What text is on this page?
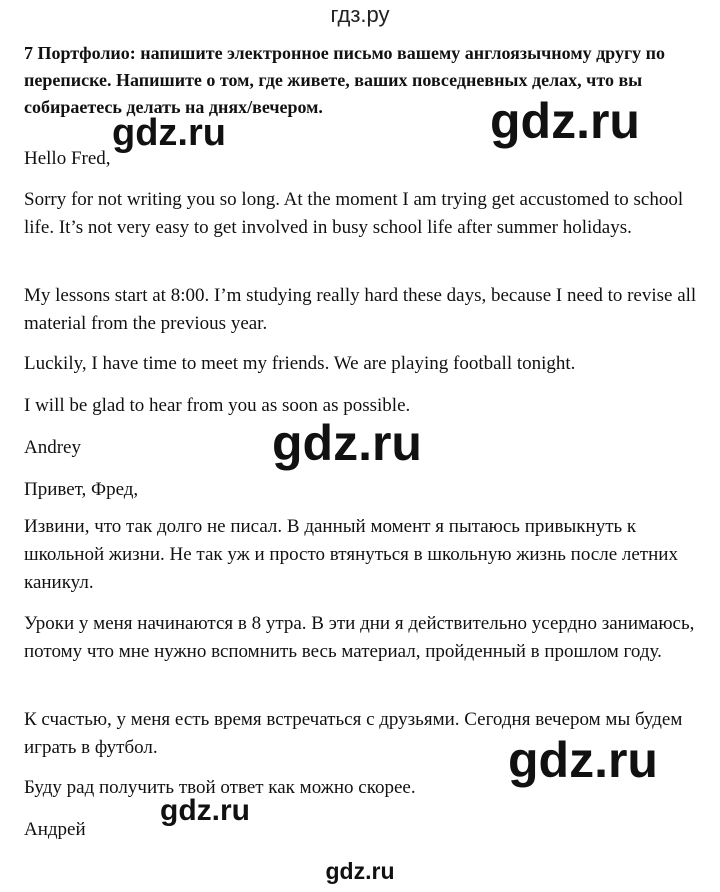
гдз.ру
7 Портфолио: напишите электронное письмо вашему англоязычному другу по переписке. Напишите о том, где живете, ваших повседневных делах, что вы собираетесь делать на днях/вечером.
Hello Fred,
Sorry for not writing you so long. At the moment I am trying get accustomed to school life. It’s not very easy to get involved in busy school life after summer holidays.
My lessons start at 8:00. I’m studying really hard these days, because I need to revise all material from the previous year.
Luckily, I have time to meet my friends. We are playing football tonight.
I will be glad to hear from you as soon as possible.
Andrey
Привет, Фред,
Извини, что так долго не писал. В данный момент я пытаюсь привыкнуть к школьной жизни. Не так уж и просто втянуться в школьную жизнь после летних каникул.
Уроки у меня начинаются в 8 утра. В эти дни я действительно усердно занимаюсь, потому что мне нужно вспомнить весь материал, пройденный в прошлом году.
К счастью, у меня есть время встречаться с друзьями. Сегодня вечером мы будем играть в футбол.
Буду рад получить твой ответ как можно скорее.
Андрей
gdz.ru	gdz.ru
gdz.ru
gdz.ru
gdz.ru
gdz.ru
